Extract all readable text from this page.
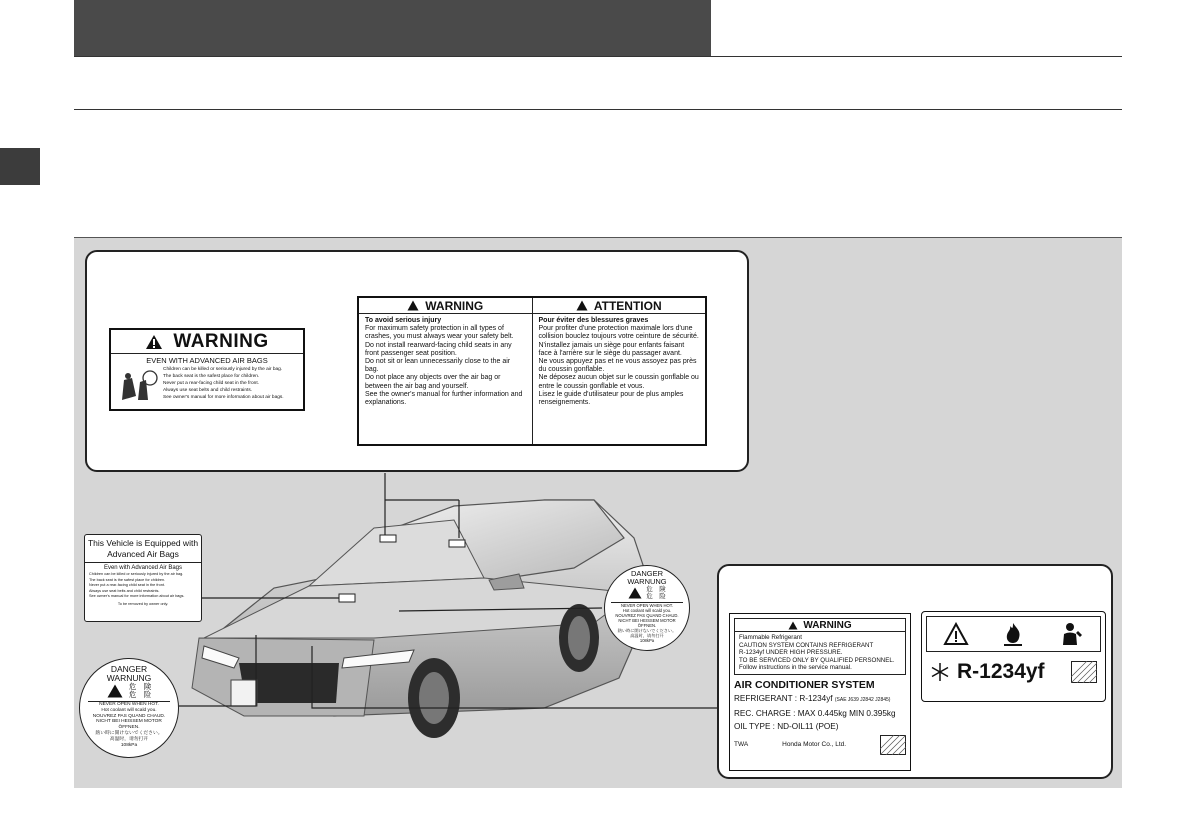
WARNING
EVEN WITH ADVANCED AIR BAGS
Children can be killed or seriously injured by the air bag.
The back seat is the safest place for children.
Never put a rear-facing child seat in the front.
Always use seat belts and child restraints.
See owner's manual for more information about air bags.
WARNING
To avoid serious injury
For maximum safety protection in all types of crashes, you must always wear your safety belt.
Do not install rearward-facing child seats in any front passenger seat position.
Do not sit or lean unnecessarily close to the air bag.
Do not place any objects over the air bag or between the air bag and yourself.
See the owner's manual for further information and explanations.
ATTENTION
Pour éviter des blessures graves
Pour profiter d'une protection maximale lors d'une collision bouclez toujours votre ceinture de sécurité.
N'installez jamais un siège pour enfants faisant face à l'arrière sur le siège du passager avant.
Ne vous appuyez pas et ne vous assoyez pas près du coussin gonflable.
Ne déposez aucun objet sur le coussin gonflable ou entre le coussin gonflable et vous.
Lisez le guide d'utilisateur pour de plus amples renseignements.
This Vehicle is Equipped with Advanced Air Bags
Even with Advanced Air Bags
Children can be killed or seriously injured by the air bag.
The back seat is the safest place for children.
Never put a rear-facing child seat in the front.
Always use seat belts and child restraints.
See owner's manual for more information about air bags.
To be removed by owner only.
DANGER
WARNUNG
危　険
危　险
NEVER OPEN WHEN HOT.
Hot coolant will scald you.
NOUVREZ PAS QUAND CHAUD.
NICHT BEI HEISSEM MOTOR ÖFFNEN.
熱い時に開けないでください。
高温时，请勿打开
108kPa
DANGER
WARNUNG
危　険
危　险
NEVER OPEN WHEN HOT.
Hot coolant will scald you.
NOUVREZ PAS QUAND CHAUD.
NICHT BEI HEISSEM MOTOR ÖFFNEN.
熱い時に開けないでください。
高温时，请勿打开
108kPa
WARNING
Flammable Refrigerant
CAUTION SYSTEM CONTAINS REFRIGERANT
R-1234yf UNDER HIGH PRESSURE.
TO BE SERVICED ONLY BY QUALIFIED PERSONNEL.
Follow instructions in the service manual.
AIR CONDITIONER SYSTEM
REFRIGERANT : R-1234yf (SAE J639 J2842 J2845)
REC. CHARGE : MAX 0.445kg MIN 0.395kg
OIL TYPE : ND-OIL11 (POE)
TWA	Honda Motor Co., Ltd.
R-1234yf
